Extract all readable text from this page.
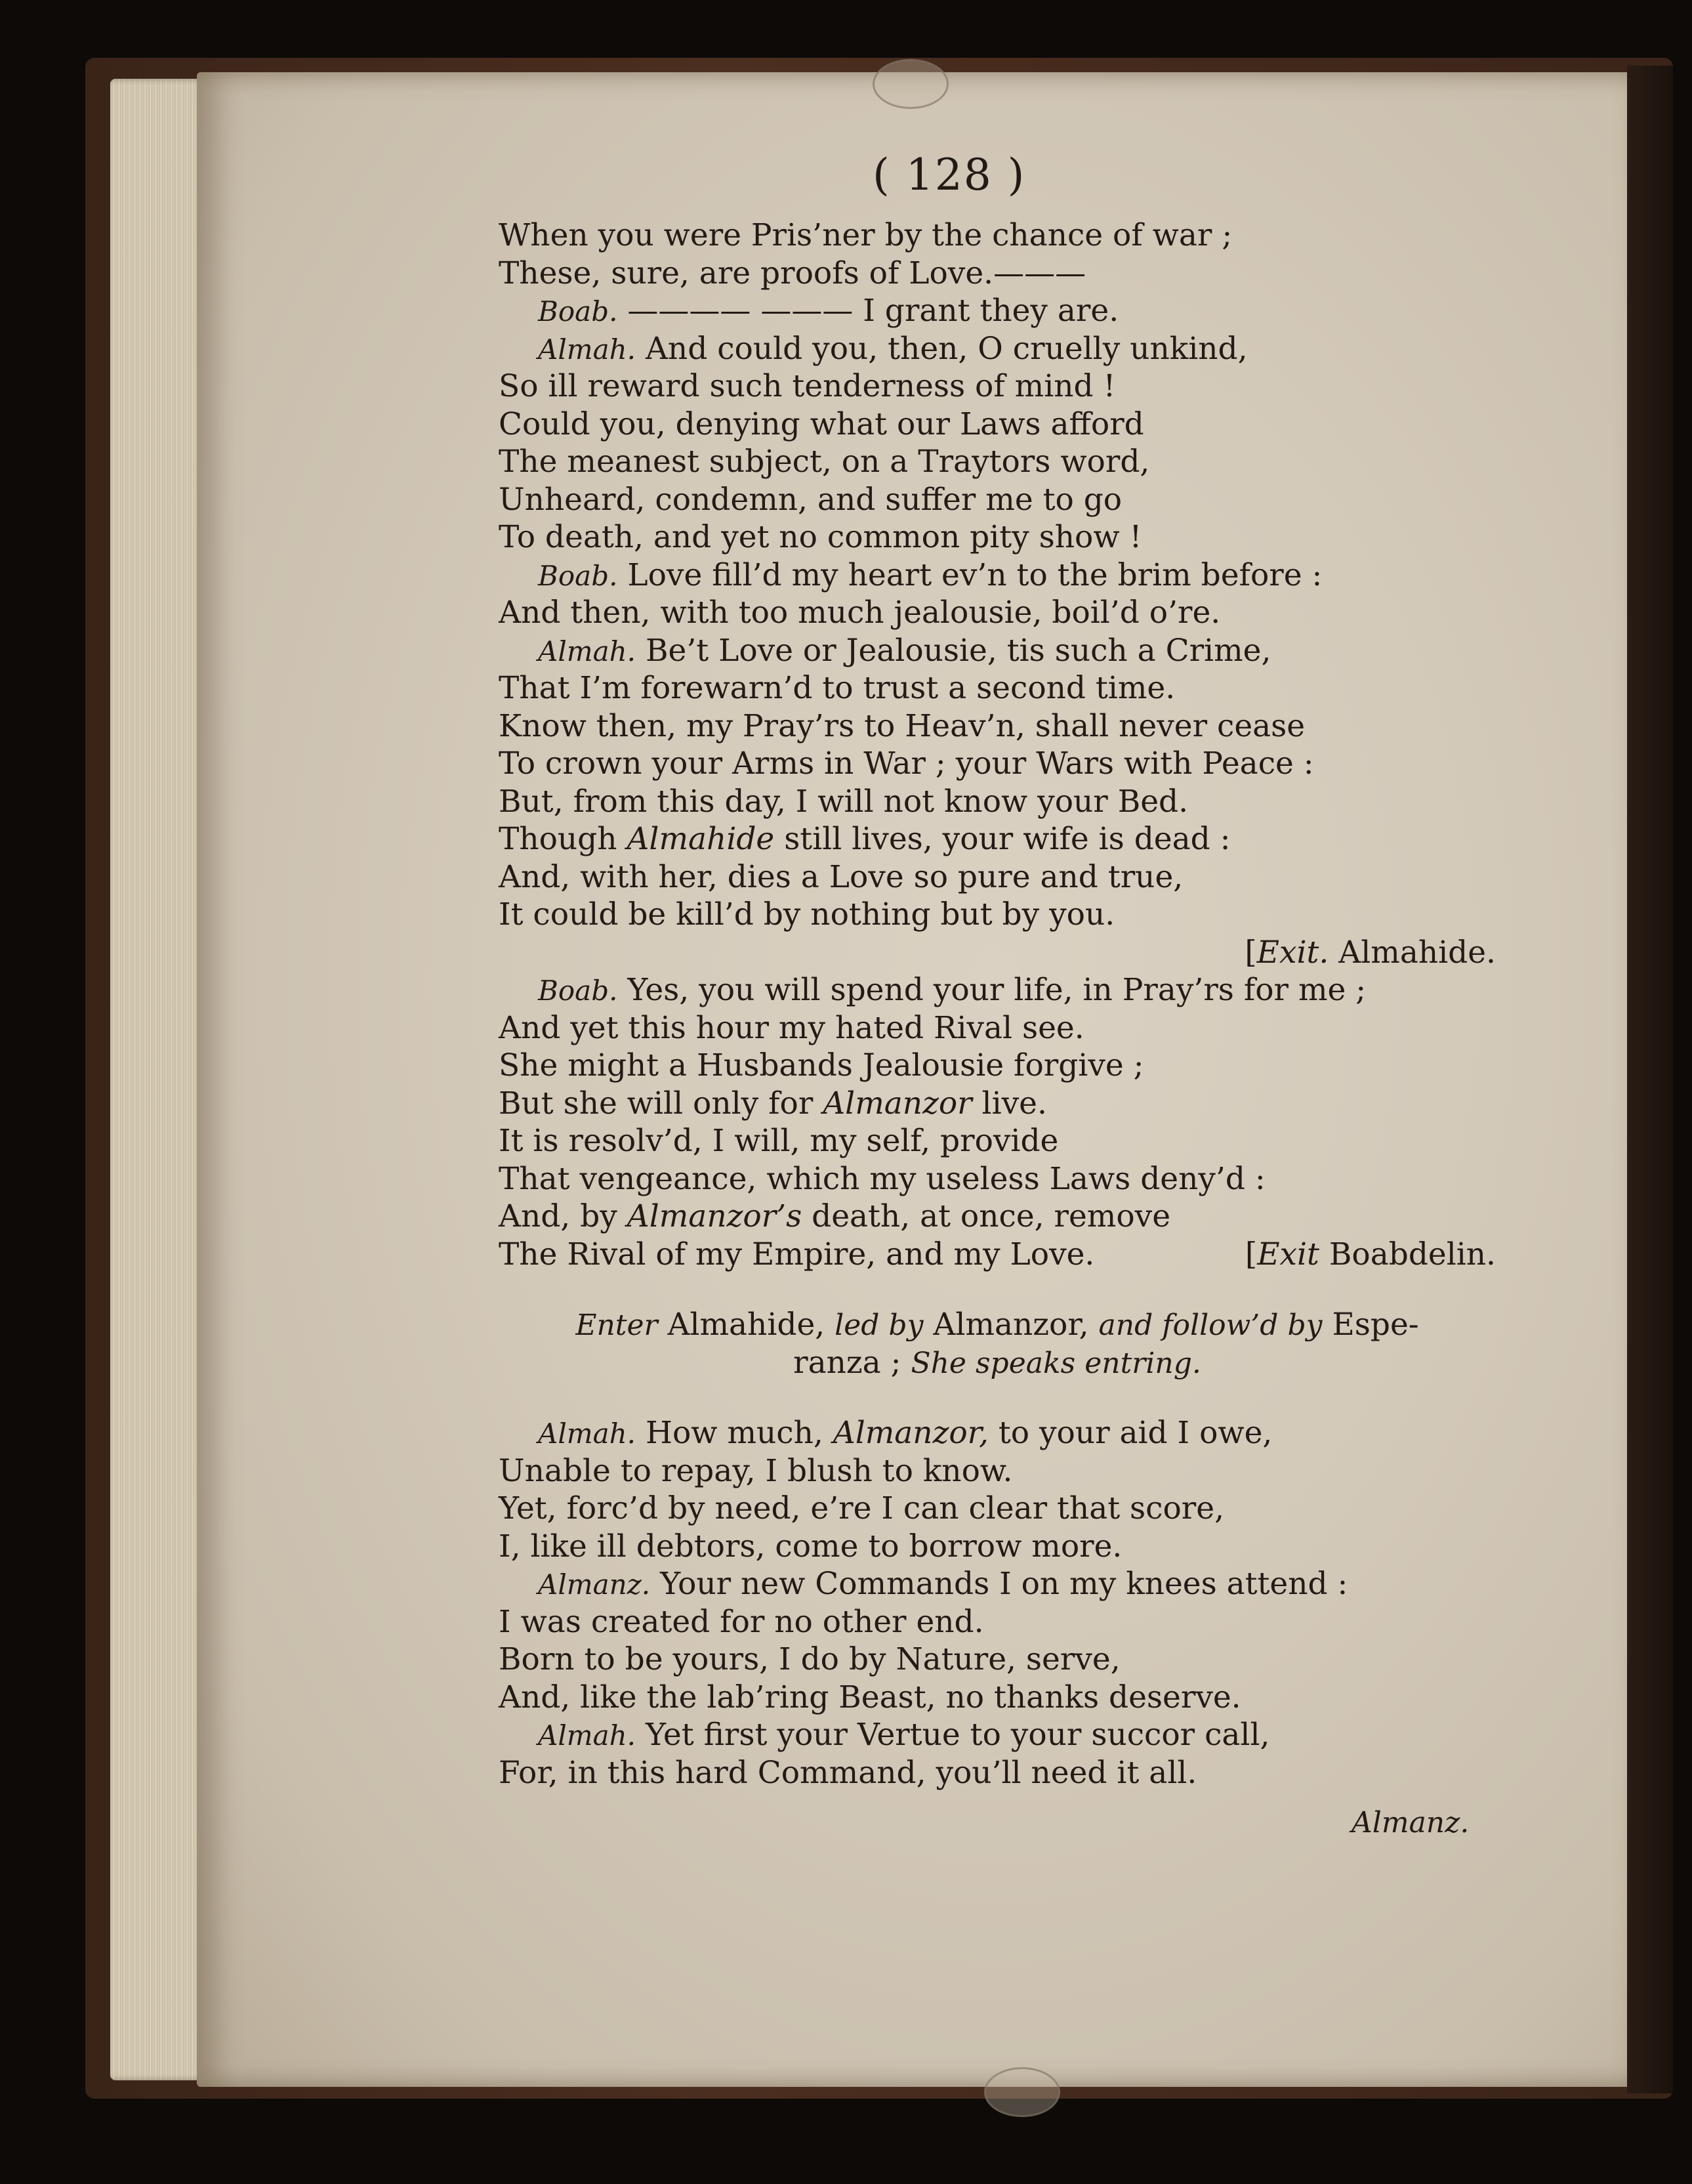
( 128 )
When you were Pris’ner by the chance of war ;
These, sure, are proofs of Love.———
Boab. ———— ——— I grant they are.
Almah. And could you, then, O cruelly unkind,
So ill reward such tenderness of mind !
Could you, denying what our Laws afford
The meanest subject, on a Traytors word,
Unheard, condemn, and suffer me to go
To death, and yet no common pity show !
Boab. Love fill’d my heart ev’n to the brim before :
And then, with too much jealousie, boil’d o’re.
Almah. Be’t Love or Jealousie, tis such a Crime,
That I’m forewarn’d to trust a second time.
Know then, my Pray’rs to Heav’n, shall never cease
To crown your Arms in War ; your Wars with Peace :
But, from this day, I will not know your Bed.
Though Almahide still lives, your wife is dead :
And, with her, dies a Love so pure and true,
It could be kill’d by nothing but by you.
[Exit. Almahide.
Boab. Yes, you will spend your life, in Pray’rs for me ;
And yet this hour my hated Rival see.
She might a Husbands Jealousie forgive ;
But she will only for Almanzor live.
It is resolv’d, I will, my self, provide
That vengeance, which my useless Laws deny’d :
And, by Almanzor’s death, at once, remove
The Rival of my Empire, and my Love.	[Exit Boabdelin.
Enter Almahide, led by Almanzor, and follow’d by Espe-
ranza ; She speaks entring.
Almah. How much, Almanzor, to your aid I owe,
Unable to repay, I blush to know.
Yet, forc’d by need, e’re I can clear that score,
I, like ill debtors, come to borrow more.
Almanz. Your new Commands I on my knees attend :
I was created for no other end.
Born to be yours, I do by Nature, serve,
And, like the lab’ring Beast, no thanks deserve.
Almah. Yet first your Vertue to your succor call,
For, in this hard Command, you’ll need it all.
Almanz.
